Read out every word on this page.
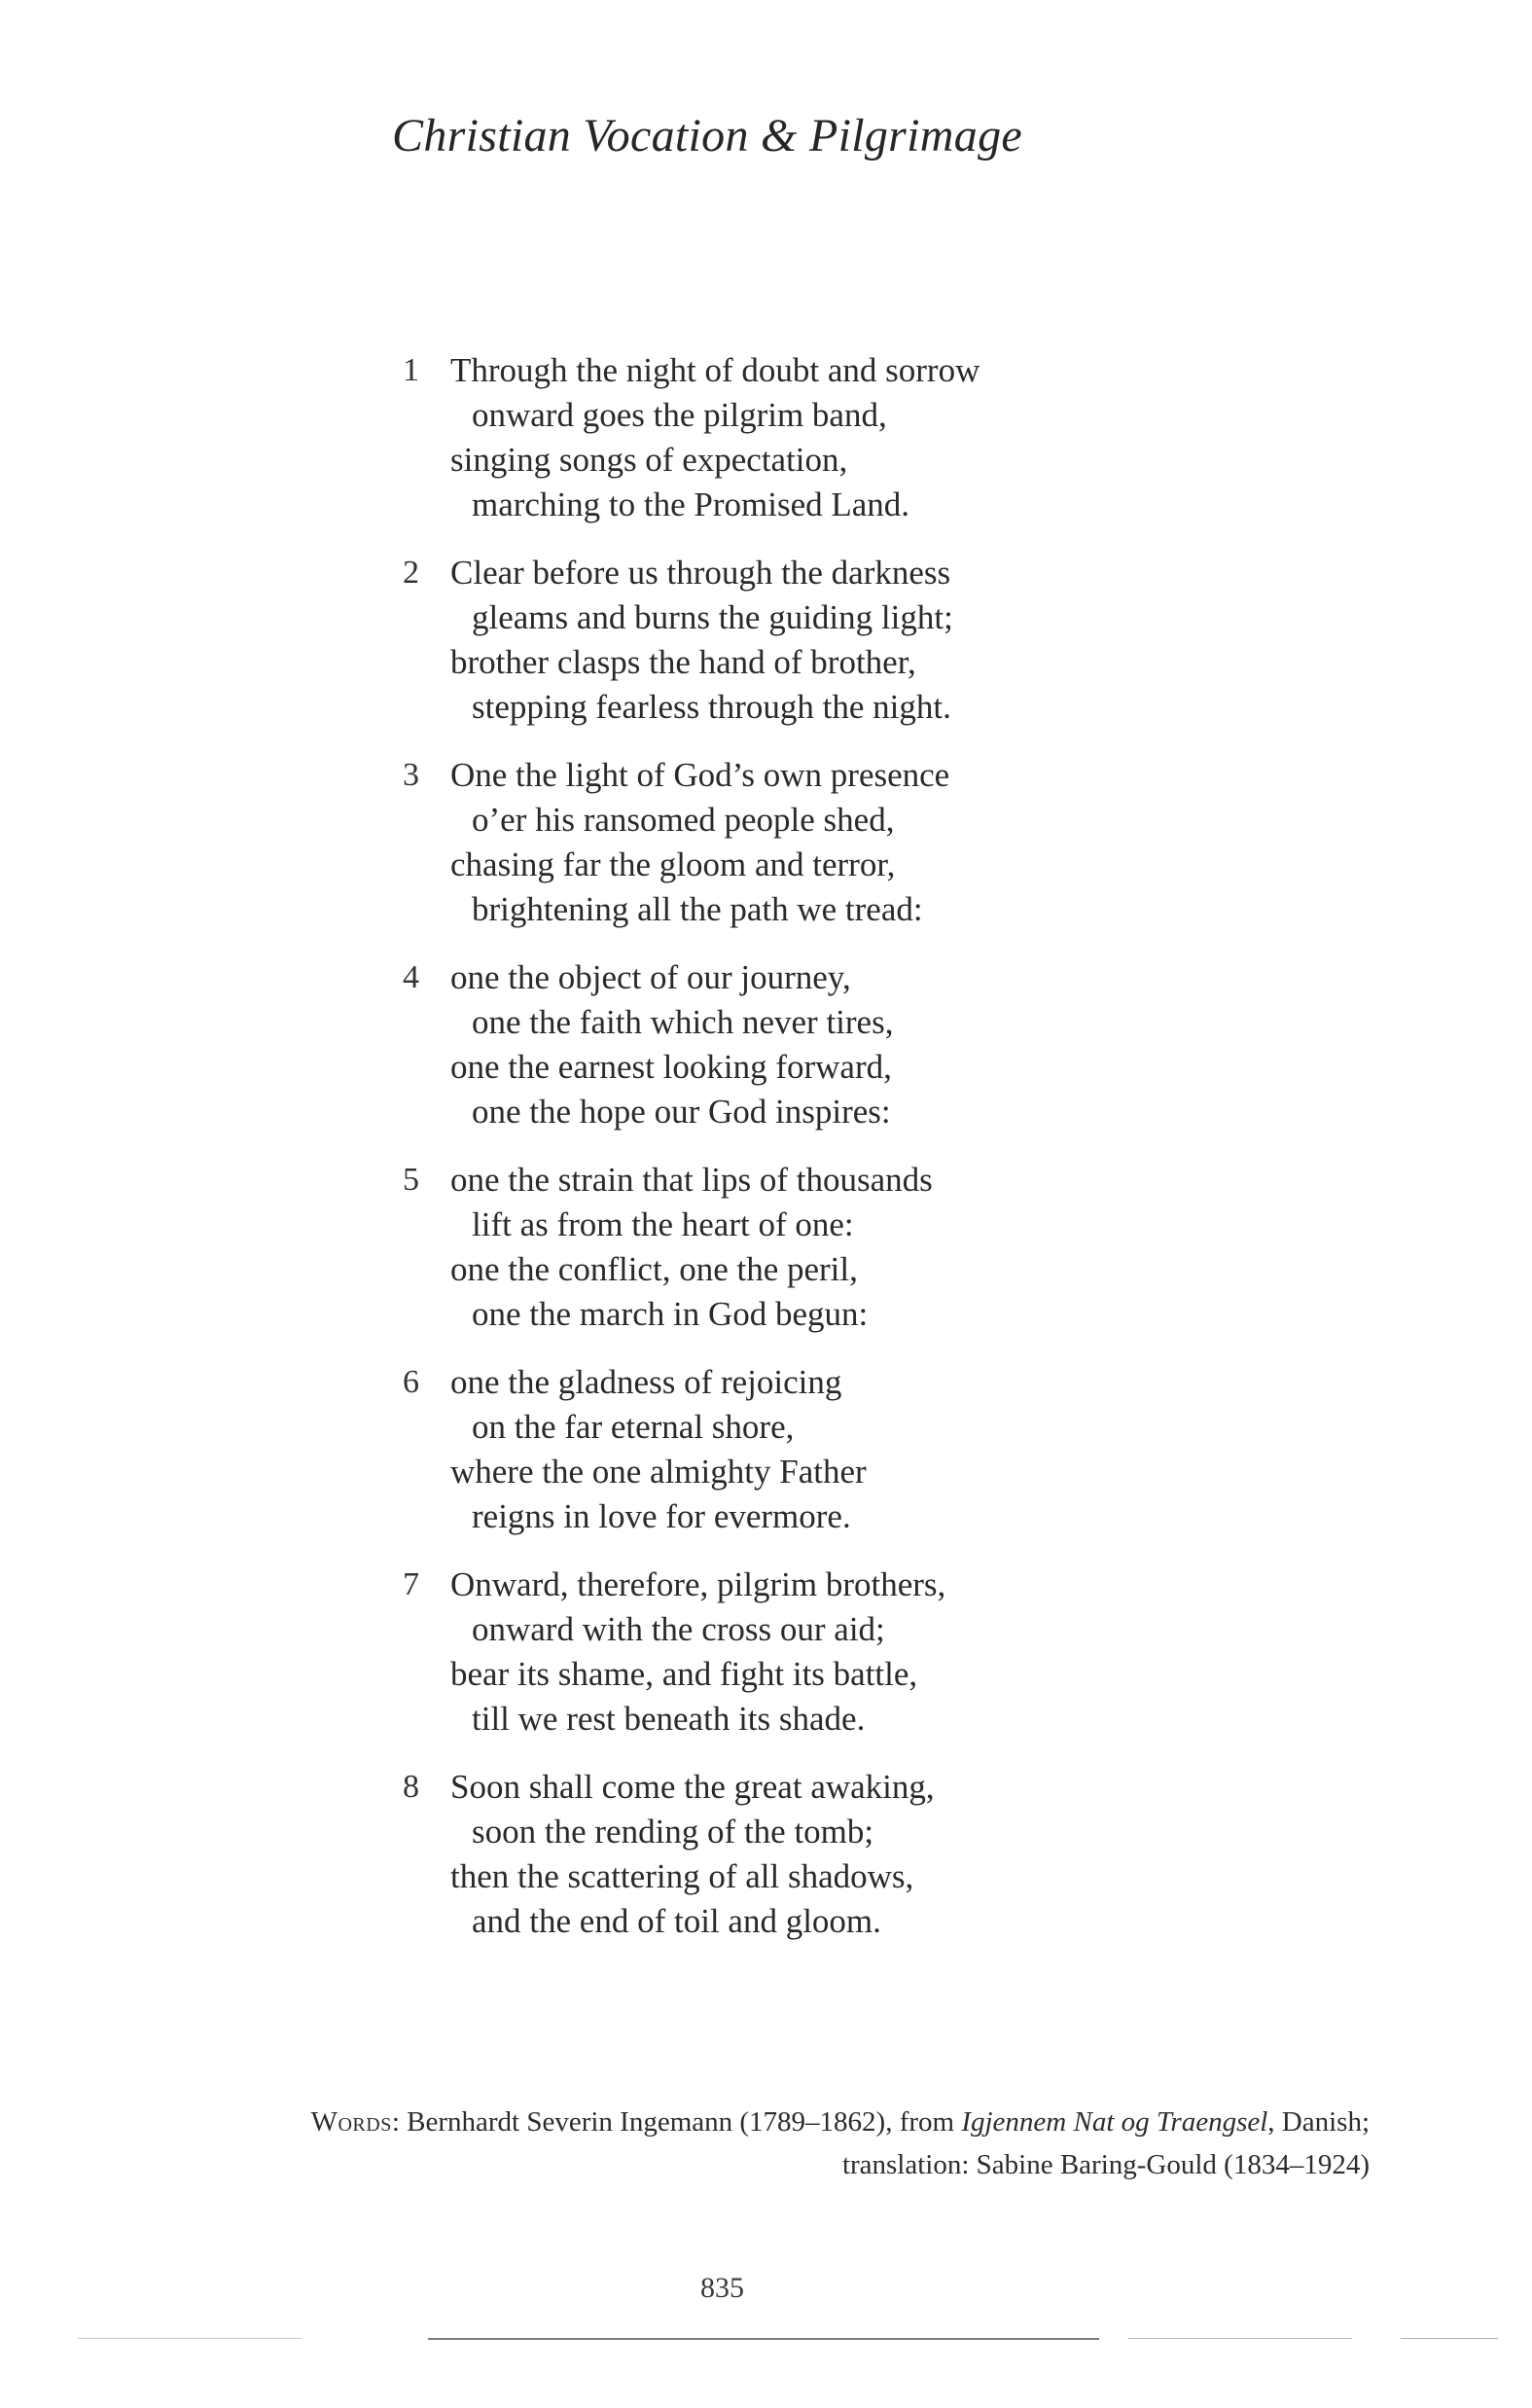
Christian Vocation & Pilgrimage
1 Through the night of doubt and sorrow
onward goes the pilgrim band,
singing songs of expectation,
marching to the Promised Land.
2 Clear before us through the darkness
gleams and burns the guiding light;
brother clasps the hand of brother,
stepping fearless through the night.
3 One the light of God’s own presence
o’er his ransomed people shed,
chasing far the gloom and terror,
brightening all the path we tread:
4 one the object of our journey,
one the faith which never tires,
one the earnest looking forward,
one the hope our God inspires:
5 one the strain that lips of thousands
lift as from the heart of one:
one the conflict, one the peril,
one the march in God begun:
6 one the gladness of rejoicing
on the far eternal shore,
where the one almighty Father
reigns in love for evermore.
7 Onward, therefore, pilgrim brothers,
onward with the cross our aid;
bear its shame, and fight its battle,
till we rest beneath its shade.
8 Soon shall come the great awaking,
soon the rending of the tomb;
then the scattering of all shadows,
and the end of toil and gloom.
Words: Bernhardt Severin Ingemann (1789–1862), from Igjennem Nat og Traengsel, Danish;
translation: Sabine Baring-Gould (1834–1924)
835
